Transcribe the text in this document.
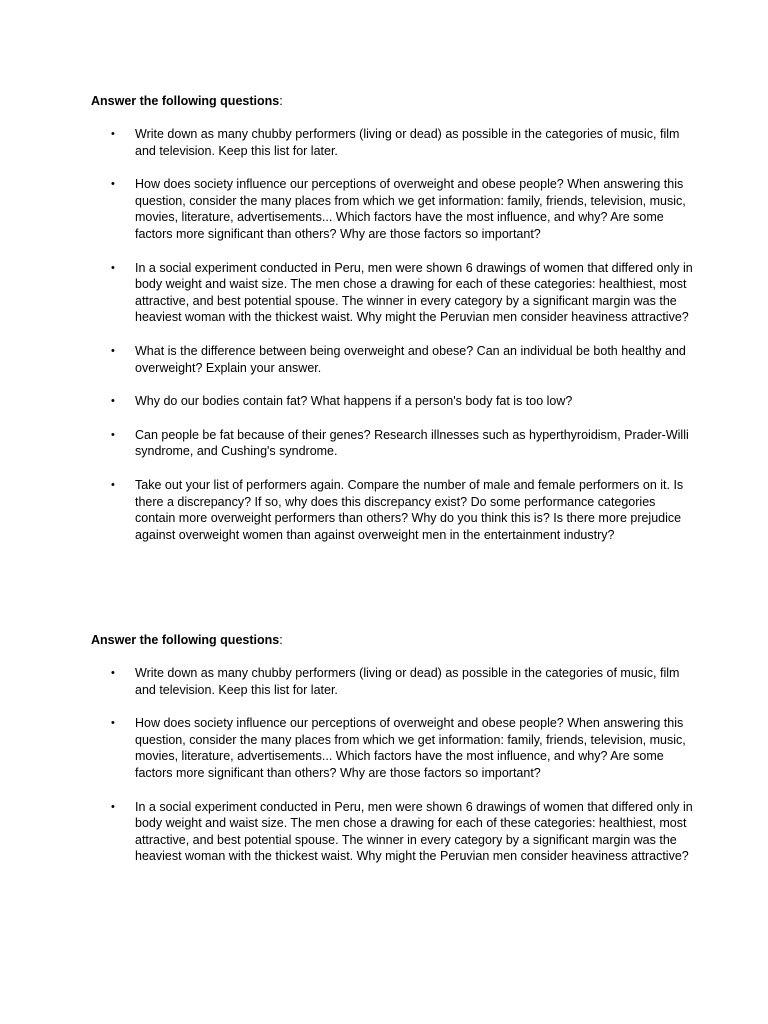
Answer the following questions:

• Write down as many chubby performers (living or dead) as possible in the categories of music, film and television. Keep this list for later.
• How does society influence our perceptions of overweight and obese people? When answering this question, consider the many places from which we get information: family, friends, television, music, movies, literature, advertisements... Which factors have the most influence, and why? Are some factors more significant than others? Why are those factors so important?
• In a social experiment conducted in Peru, men were shown 6 drawings of women that differed only in body weight and waist size. The men chose a drawing for each of these categories: healthiest, most attractive, and best potential spouse. The winner in every category by a significant margin was the heaviest woman with the thickest waist. Why might the Peruvian men consider heaviness attractive?
• What is the difference between being overweight and obese? Can an individual be both healthy and overweight? Explain your answer.
• Why do our bodies contain fat? What happens if a person's body fat is too low?
• Can people be fat because of their genes? Research illnesses such as hyperthyroidism, Prader-Willi syndrome, and Cushing's syndrome.
• Take out your list of performers again. Compare the number of male and female performers on it. Is there a discrepancy? If so, why does this discrepancy exist? Do some performance categories contain more overweight performers than others? Why do you think this is? Is there more prejudice against overweight women than against overweight men in the entertainment industry?

Answer the following questions:

• Write down as many chubby performers (living or dead) as possible in the categories of music, film and television. Keep this list for later.
• How does society influence our perceptions of overweight and obese people? When answering this question, consider the many places from which we get information: family, friends, television, music, movies, literature, advertisements... Which factors have the most influence, and why? Are some factors more significant than others? Why are those factors so important?
• In a social experiment conducted in Peru, men were shown 6 drawings of women that differed only in body weight and waist size. The men chose a drawing for each of these categories: healthiest, most attractive, and best potential spouse. The winner in every category by a significant margin was the heaviest woman with the thickest waist. Why might the Peruvian men consider heaviness attractive?
